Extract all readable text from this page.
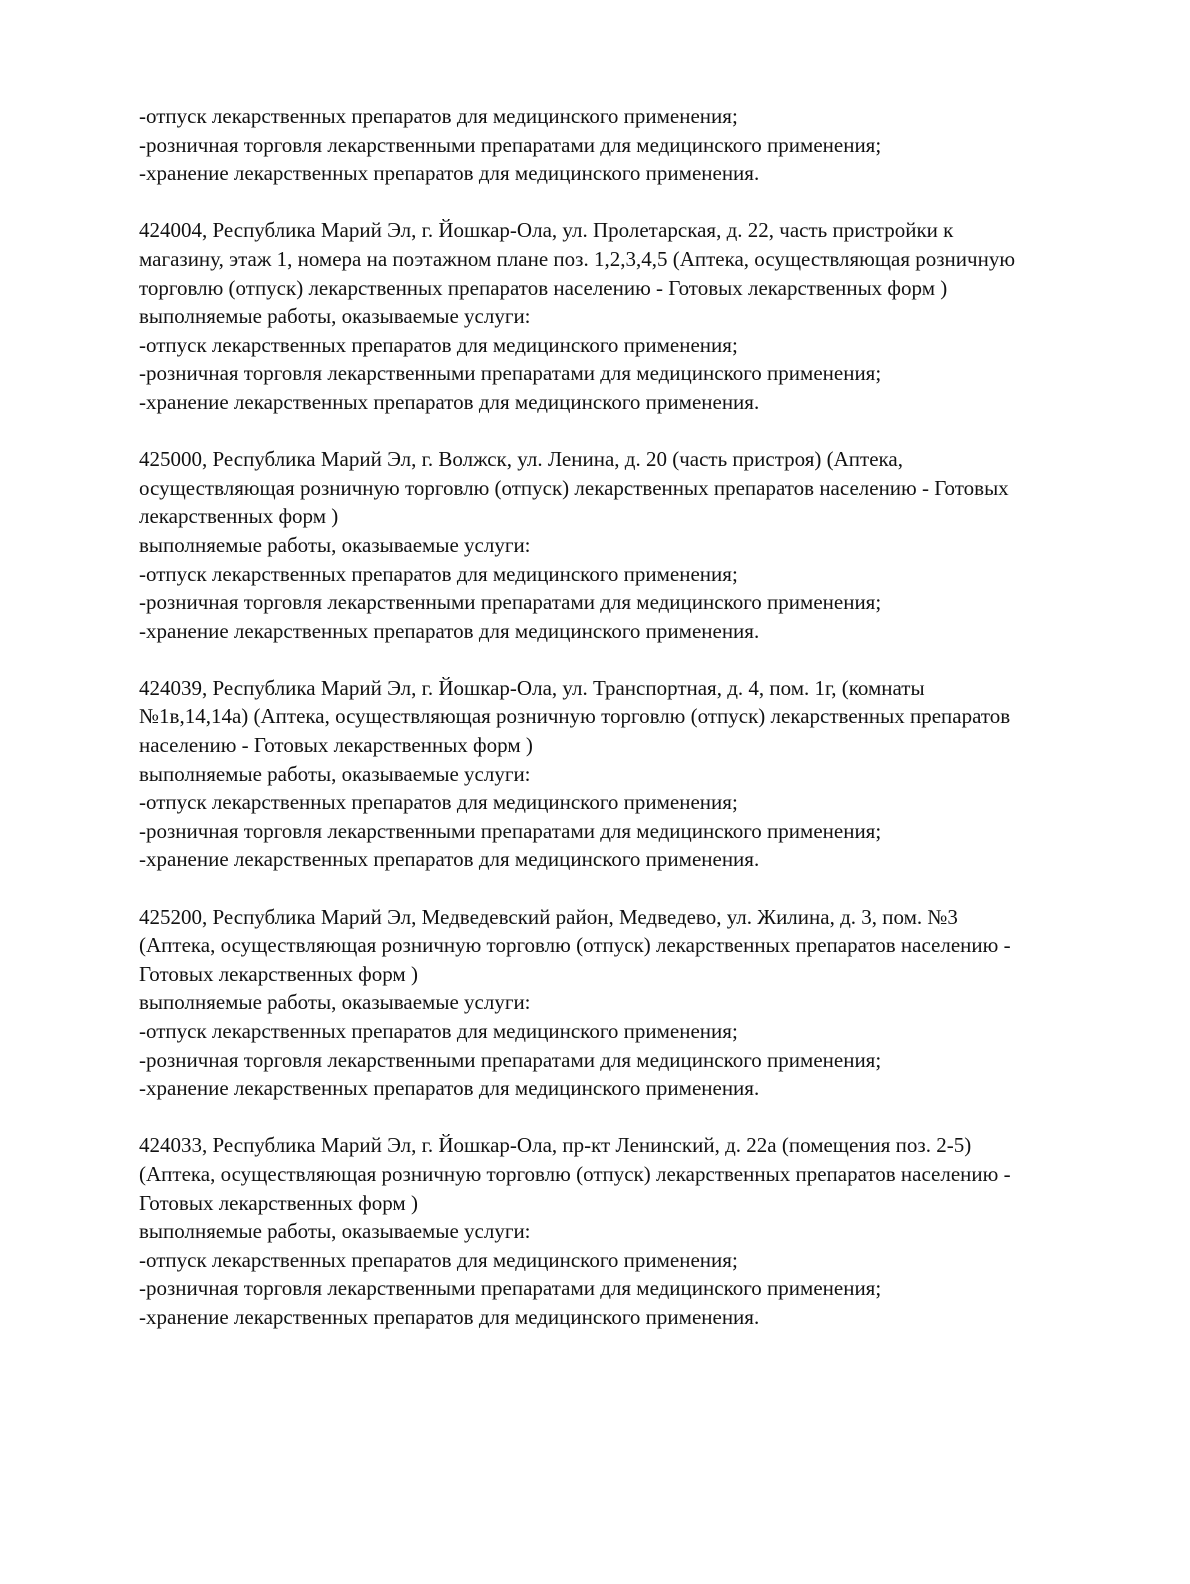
-отпуск лекарственных препаратов для медицинского применения;
-розничная торговля лекарственными препаратами для медицинского применения;
-хранение лекарственных препаратов для медицинского применения.
424004, Республика Марий Эл, г. Йошкар-Ола, ул. Пролетарская, д. 22, часть пристройки к
магазину, этаж 1, номера на поэтажном плане поз. 1,2,3,4,5 (Аптека, осуществляющая розничную
торговлю (отпуск) лекарственных препаратов населению - Готовых лекарственных форм )
выполняемые работы, оказываемые услуги:
-отпуск лекарственных препаратов для медицинского применения;
-розничная торговля лекарственными препаратами для медицинского применения;
-хранение лекарственных препаратов для медицинского применения.
425000, Республика Марий Эл, г. Волжск, ул. Ленина, д. 20 (часть пристроя) (Аптека,
осуществляющая розничную торговлю (отпуск) лекарственных препаратов населению - Готовых
лекарственных форм )
выполняемые работы, оказываемые услуги:
-отпуск лекарственных препаратов для медицинского применения;
-розничная торговля лекарственными препаратами для медицинского применения;
-хранение лекарственных препаратов для медицинского применения.
424039, Республика Марий Эл, г. Йошкар-Ола, ул. Транспортная, д. 4, пом. 1г, (комнаты
№1в,14,14а) (Аптека, осуществляющая розничную торговлю (отпуск) лекарственных препаратов
населению - Готовых лекарственных форм )
выполняемые работы, оказываемые услуги:
-отпуск лекарственных препаратов для медицинского применения;
-розничная торговля лекарственными препаратами для медицинского применения;
-хранение лекарственных препаратов для медицинского применения.
425200, Республика Марий Эл, Медведевский район, Медведево, ул. Жилина, д. 3, пом. №3
(Аптека, осуществляющая розничную торговлю (отпуск) лекарственных препаратов населению -
Готовых лекарственных форм )
выполняемые работы, оказываемые услуги:
-отпуск лекарственных препаратов для медицинского применения;
-розничная торговля лекарственными препаратами для медицинского применения;
-хранение лекарственных препаратов для медицинского применения.
424033, Республика Марий Эл, г. Йошкар-Ола, пр-кт Ленинский, д. 22а (помещения поз. 2-5)
(Аптека, осуществляющая розничную торговлю (отпуск) лекарственных препаратов населению -
Готовых лекарственных форм )
выполняемые работы, оказываемые услуги:
-отпуск лекарственных препаратов для медицинского применения;
-розничная торговля лекарственными препаратами для медицинского применения;
-хранение лекарственных препаратов для медицинского применения.
